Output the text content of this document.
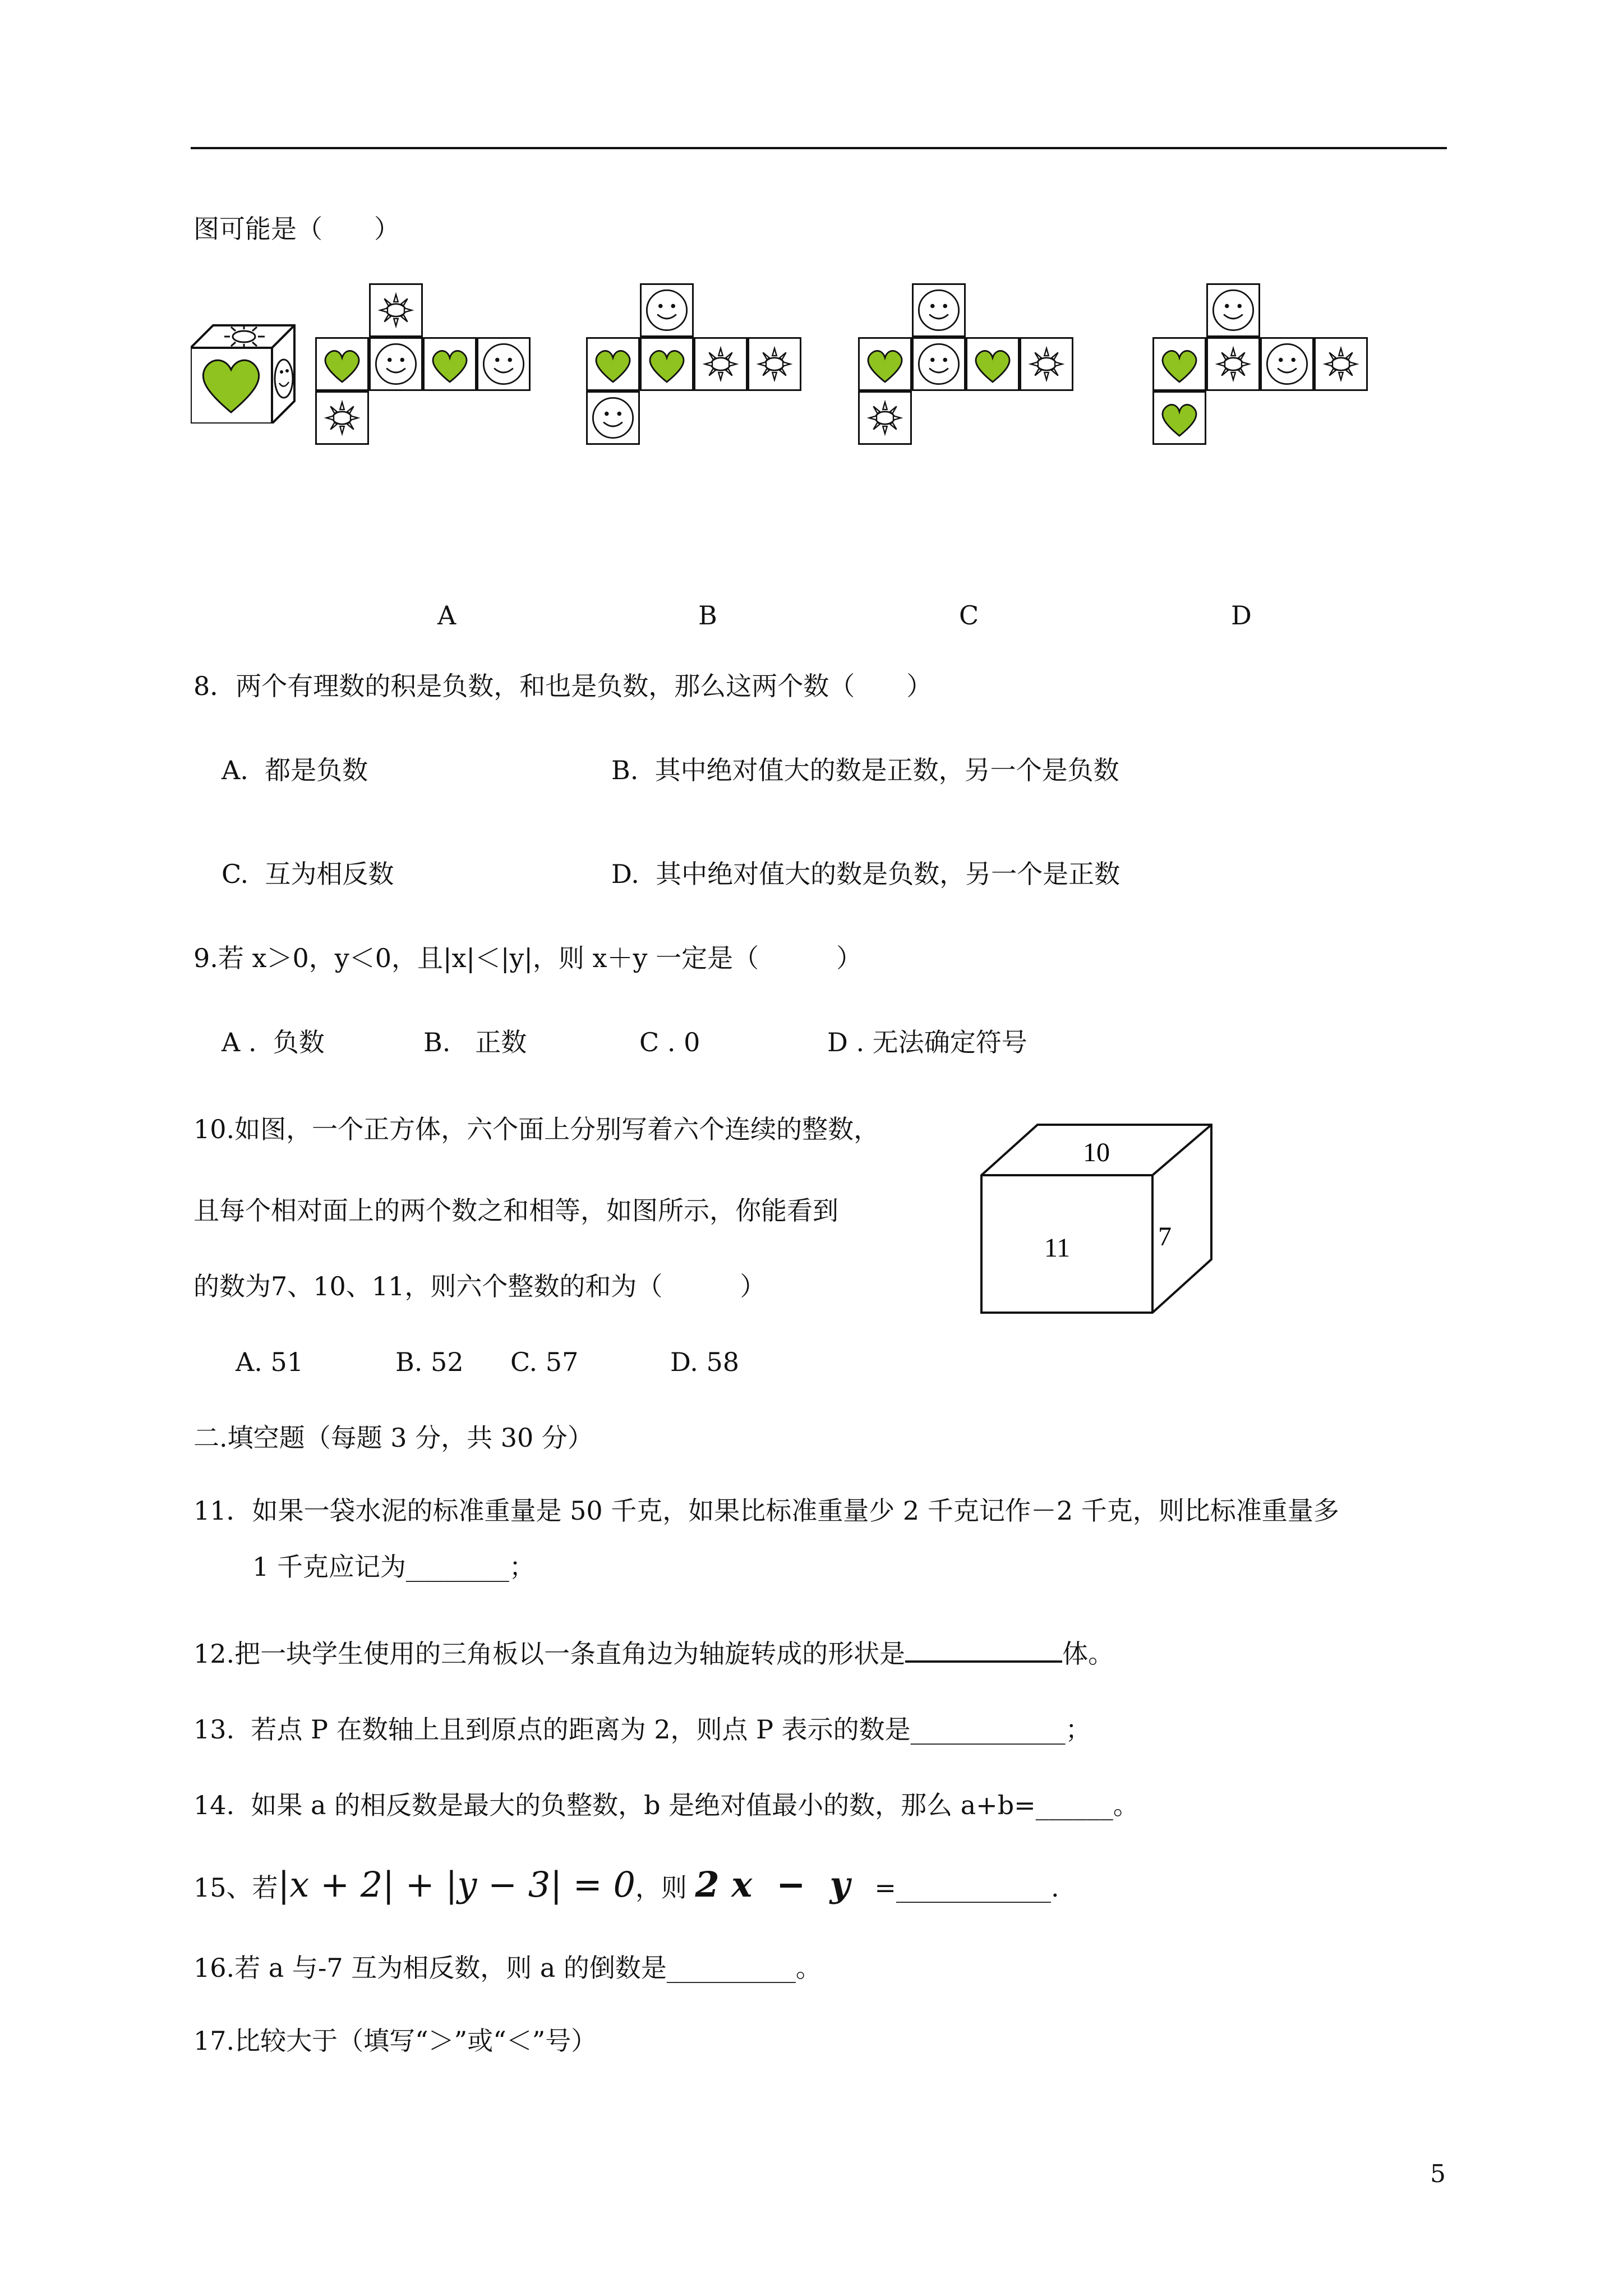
图可能是（　　）
A	B	C	D
8．两个有理数的积是负数，和也是负数，那么这两个数（　　）
A.  都是负数	B.  其中绝对值大的数是正数，另一个是负数
C.  互为相反数	D.  其中绝对值大的数是负数，另一个是正数
9.若 x＞0，y＜0，且|x|＜|y|，则 x＋y 一定是（　　　）
A .  负数	B.   正数	C . 0	D . 无法确定符号
10.如图，一个正方体，六个面上分别写着六个连续的整数，
且每个相对面上的两个数之和相等，如图所示，你能看到
的数为7、10、11，则六个整数的和为（　　　）
10
11	7
A. 51	B. 52 C. 57	D. 58
二.填空题（每题 3 分，共 30 分）
11．如果一袋水泥的标准重量是 50 千克，如果比标准重量少 2 千克记作－2 千克，则比标准重量多
1 千克应记为________；
12.把一块学生使用的三角板以一条直角边为轴旋转成的形状是	体。
13.  若点 P 在数轴上且到原点的距离为 2，则点 P 表示的数是____________；
14.  如果 a 的相反数是最大的负整数，b 是绝对值最小的数，那么 a+b=______。
15、若|x + 2| + |y − 3| = 0，则 2 x  −  y =____________.
16.若 a 与-7 互为相反数，则 a 的倒数是__________。
17.比较大于（填写“＞”或“＜”号）
5
